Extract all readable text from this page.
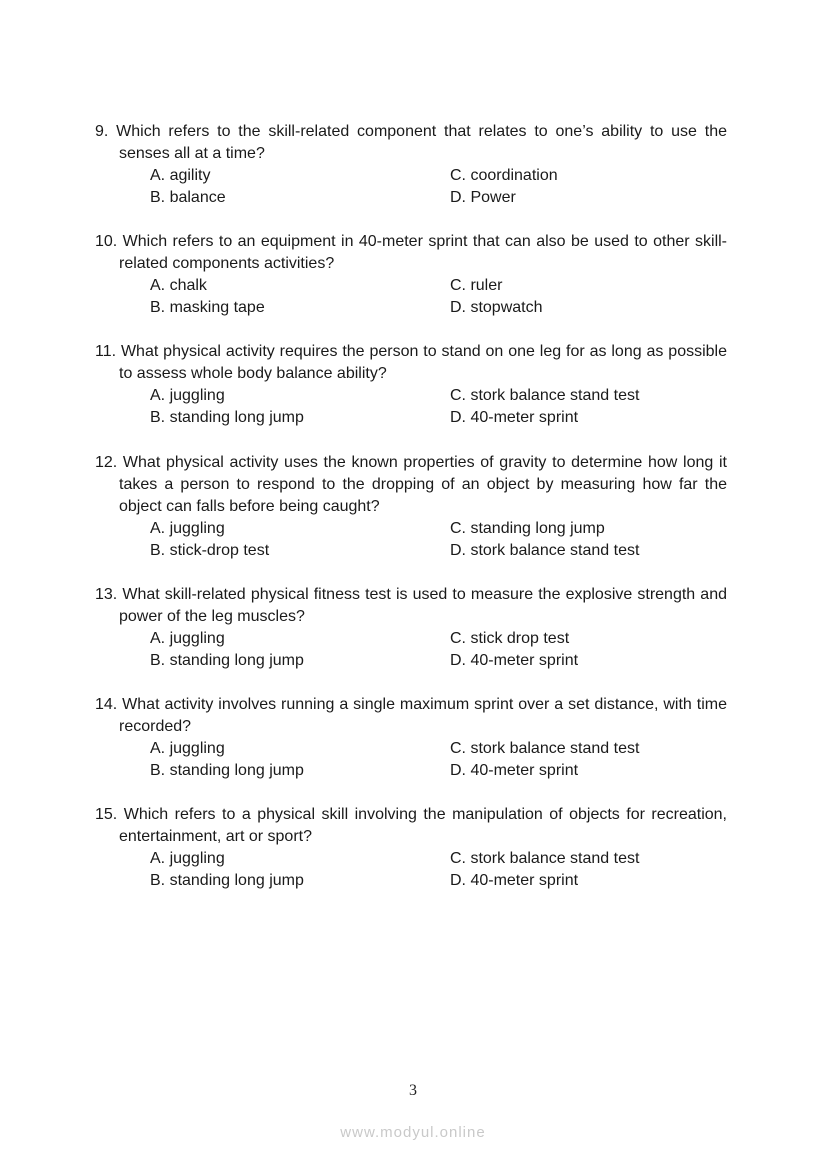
9. Which refers to the skill-related component that relates to one’s ability to use the senses all at a time?
A. agility	C. coordination
B. balance	D. Power
10. Which refers to an equipment in 40-meter sprint that can also be used to other skill-related components activities?
A. chalk	C. ruler
B. masking tape	D. stopwatch
11. What physical activity requires the person to stand on one leg for as long as possible to assess whole body balance ability?
A. juggling	C. stork balance stand test
B. standing long jump	D. 40-meter sprint
12. What physical activity uses the known properties of gravity to determine how long it takes a person to respond to the dropping of an object by measuring how far the object can falls before being caught?
A. juggling	C. standing long jump
B. stick-drop test	D. stork balance stand test
13. What skill-related physical fitness test is used to measure the explosive strength and power of the leg muscles?
A. juggling	C. stick drop test
B. standing long jump	D. 40-meter sprint
14. What activity involves running a single maximum sprint over a set distance, with time recorded?
A. juggling	C. stork balance stand test
B. standing long jump	D. 40-meter sprint
15. Which refers to a physical skill involving the manipulation of objects for recreation, entertainment, art or sport?
A. juggling	C. stork balance stand test
B. standing long jump	D. 40-meter sprint
3
www.modyul.online
